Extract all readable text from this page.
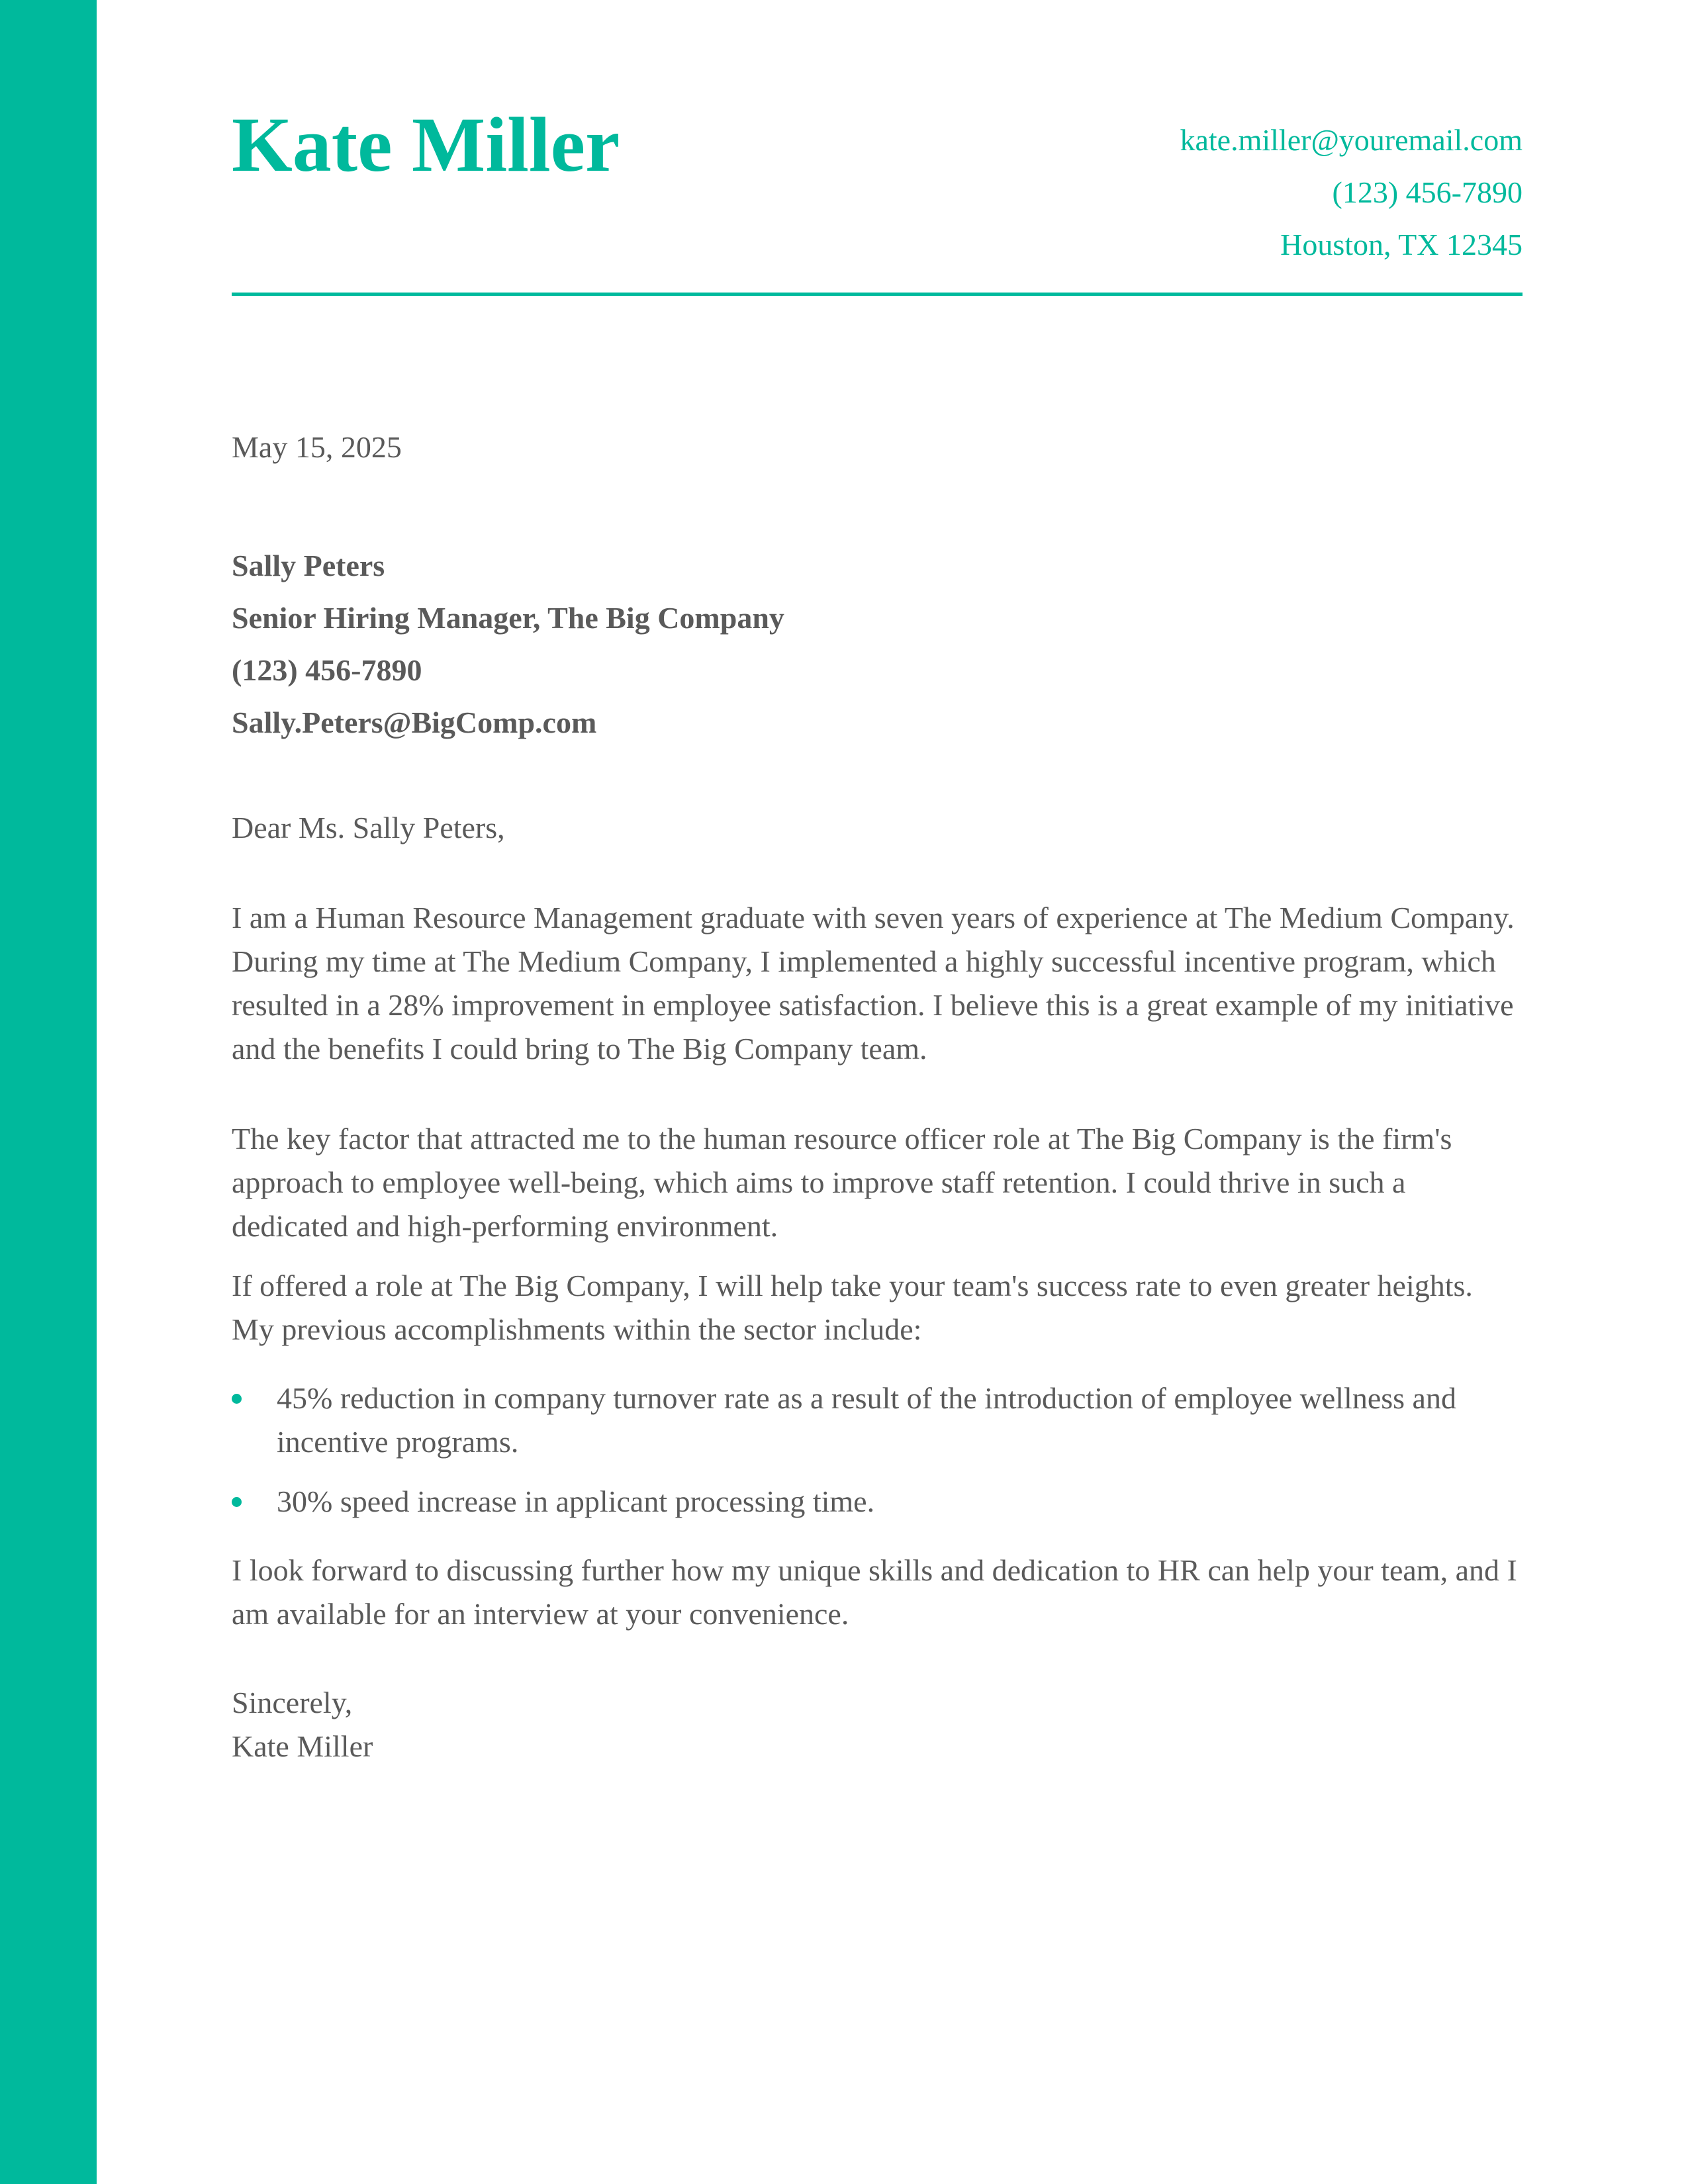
Kate Miller	kate.miller@youremail.com
(123) 456-7890
Houston, TX 12345

May 15, 2025

Sally Peters
Senior Hiring Manager, The Big Company
(123) 456-7890
Sally.Peters@BigComp.com

Dear Ms. Sally Peters,

I am a Human Resource Management graduate with seven years of experience at The Medium Company. During my time at The Medium Company, I implemented a highly successful incentive program, which resulted in a 28% improvement in employee satisfaction. I believe this is a great example of my initiative and the benefits I could bring to The Big Company team.

The key factor that attracted me to the human resource officer role at The Big Company is the firm's approach to employee well-being, which aims to improve staff retention. I could thrive in such a dedicated and high-performing environment.

If offered a role at The Big Company, I will help take your team's success rate to even greater heights. My previous accomplishments within the sector include:

45% reduction in company turnover rate as a result of the introduction of employee wellness and incentive programs.
30% speed increase in applicant processing time.

I look forward to discussing further how my unique skills and dedication to HR can help your team, and I am available for an interview at your convenience.

Sincerely,
Kate Miller
